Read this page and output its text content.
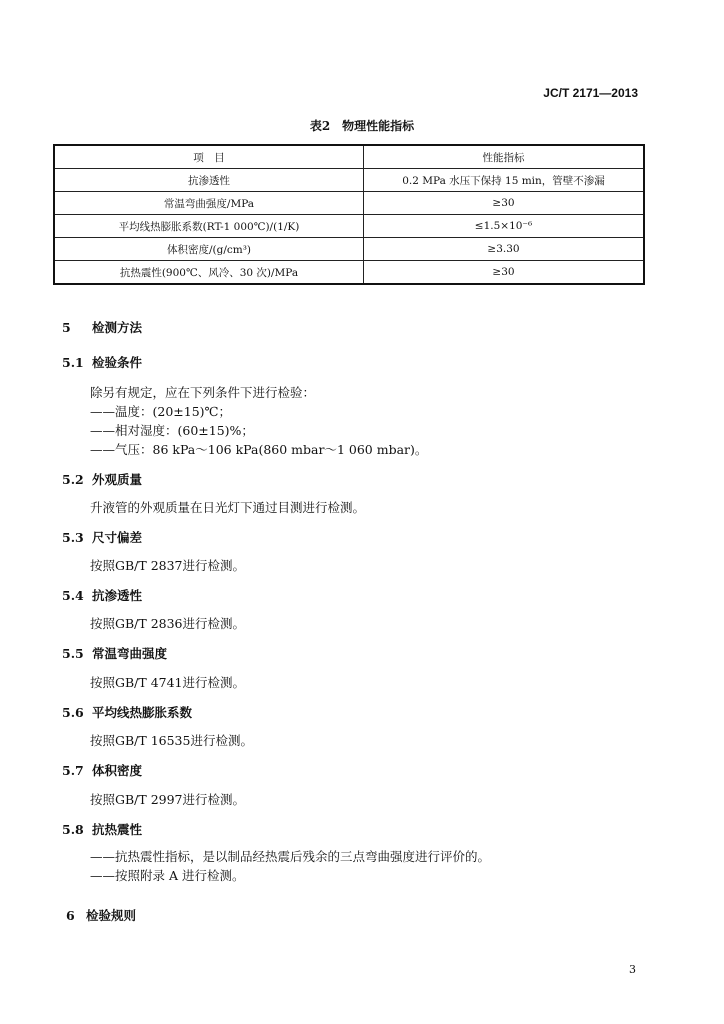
JC/T 2171—2013
表2　物理性能指标
项　目	性能指标
抗渗透性	0.2 MPa 水压下保持 15 min，管壁不渗漏
常温弯曲强度/MPa	≥30
平均线热膨胀系数(RT-1 000℃)/(1/K)	≤1.5×10⁻⁶
体积密度/(g/cm³)	≥3.30
抗热震性(900℃、风冷、30 次)/MPa	≥30
5 检测方法
5.1 检验条件
除另有规定，应在下列条件下进行检验：
——温度：(20±15)℃；
——相对湿度：(60±15)%；
——气压：86 kPa～106 kPa(860 mbar～1 060 mbar)。
5.2 外观质量
升液管的外观质量在日光灯下通过目测进行检测。
5.3 尺寸偏差
按照GB/T 2837进行检测。
5.4 抗渗透性
按照GB/T 2836进行检测。
5.5 常温弯曲强度
按照GB/T 4741进行检测。
5.6 平均线热膨胀系数
按照GB/T 16535进行检测。
5.7 体积密度
按照GB/T 2997进行检测。
5.8 抗热震性
——抗热震性指标，是以制品经热震后残余的三点弯曲强度进行评价的。
——按照附录 A 进行检测。
6 检验规则
3
